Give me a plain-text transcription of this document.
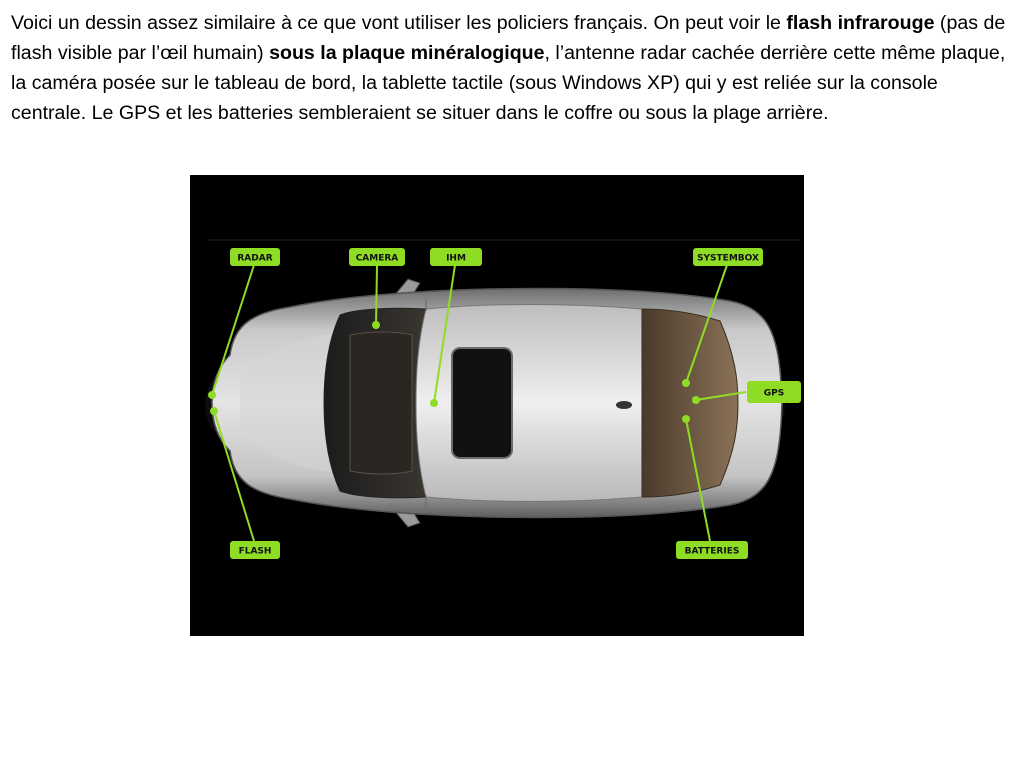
Voici un dessin assez similaire à ce que vont utiliser les policiers français. On peut voir le flash infrarouge (pas de flash visible par l’œil humain) sous la plaque minéralogique, l’antenne radar cachée derrière cette même plaque, la caméra posée sur le tableau de bord, la tablette tactile (sous Windows XP) qui y est reliée sur la console centrale. Le GPS et les batteries sembleraient se situer dans le coffre ou sous la plage arrière.

RADAR	CAMERA	IHM	SYSTEMBOX
GPS
FLASH	BATTERIES
